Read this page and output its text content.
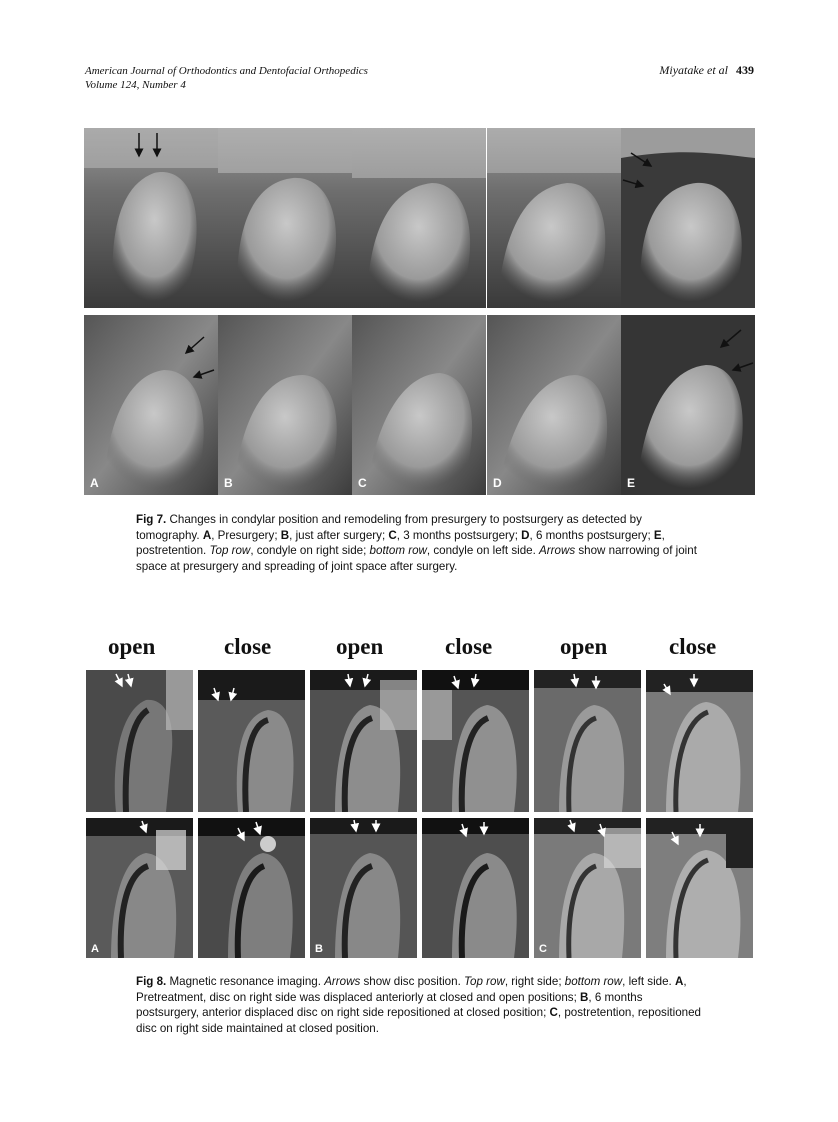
American Journal of Orthodontics and Dentofacial Orthopedics
Volume 124, Number 4
Miyatake et al 439
A	B	C	D	E
Fig 7. Changes in condylar position and remodeling from presurgery to postsurgery as detected by tomography. A, Presurgery; B, just after surgery; C, 3 months postsurgery; D, 6 months postsurgery; E, postretention. Top row, condyle on right side; bottom row, condyle on left side. Arrows show narrowing of joint space at presurgery and spreading of joint space after surgery.
open	close	open	close	open	close
A	B	C
Fig 8. Magnetic resonance imaging. Arrows show disc position. Top row, right side; bottom row, left side. A, Pretreatment, disc on right side was displaced anteriorly at closed and open positions; B, 6 months postsurgery, anterior displaced disc on right side repositioned at closed position; C, postretention, repositioned disc on right side maintained at closed position.
